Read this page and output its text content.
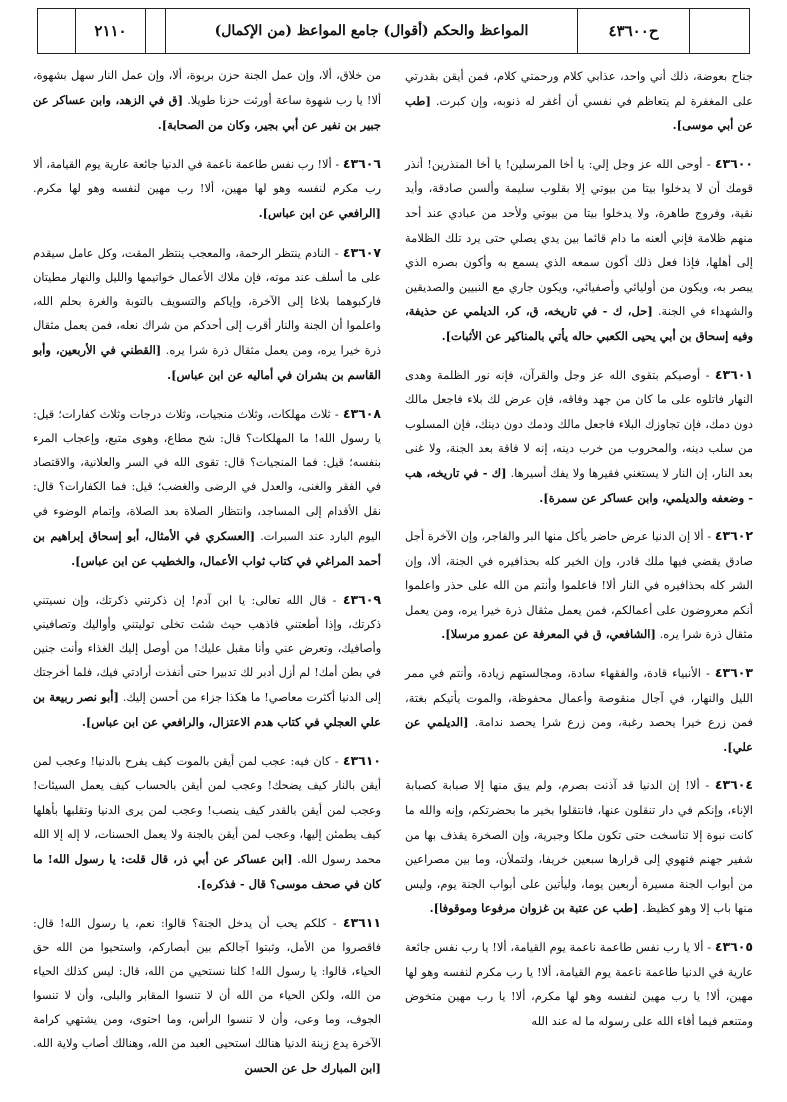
ح٤٣٦٠٠
المواعظ والحكم (أقوال) جامع المواعظ (من الإكمال)
٢١١٠

جناح بعوضة، ذلك أني واحد، عذابي كلام ورحمتي كلام، فمن أيقن بقدرتي على المغفرة لم يتعاظم في نفسي أن أغفر له ذنوبه، وإن كبرت. [طب عن أبي موسى].

٤٣٦٠٠ - أوحى الله عز وجل إلي: يا أخا المرسلين! يا أخا المنذرين! أنذر قومك أن لا يدخلوا بيتا من بيوتي إلا بقلوب سليمة وألسن صادقة، وأيد نقية، وفروج طاهرة، ولا يدخلوا بيتا من بيوتي ولأحد من عبادي عند أحد منهم ظلامة فإني ألعنه ما دام قائما بين يدي يصلي حتى يرد تلك الظلامة إلى أهلها، فإذا فعل ذلك أكون سمعه الذي يسمع به وأكون بصره الذي يبصر به، ويكون من أوليائي وأصفيائي، ويكون جاري مع النبيين والصديقين والشهداء في الجنة. [حل، ك - في تاريخه، ق، كر، الديلمي عن حذيفة، وفيه إسحاق بن أبي يحيى الكعبي حاله يأتي بالمناكير عن الأثبات].

٤٣٦٠١ - أوصيكم بتقوى الله عز وجل والقرآن، فإنه نور الظلمة وهدى النهار فاتلوه على ما كان من جهد وفاقه، فإن عرض لك بلاء فاجعل مالك دون دمك، فإن تجاوزك البلاء فاجعل مالك ودمك دون دينك، فإن المسلوب من سلب دينه، والمحروب من خرب دينه، إنه لا فاقة بعد الجنة، ولا غنى بعد النار، إن النار لا يستغني فقيرها ولا يفك أسيرها. [ك - في تاريخه، هب - وضعفه والديلمي، وابن عساكر عن سمرة].

٤٣٦٠٢ - ألا إن الدنيا عرض حاضر يأكل منها البر والفاجر، وإن الآخرة أجل صادق يقضي فيها ملك قادر، وإن الخير كله بحذافيره في الجنة، ألا، وإن الشر كله بحذافيره في النار ألا! فاعلموا وأنتم من الله على حذر واعلموا أنكم معروضون على أعمالكم، فمن يعمل مثقال ذرة خيرا يره، ومن يعمل مثقال ذرة شرا يره. [الشافعي، ق في المعرفة عن عمرو مرسلا].

٤٣٦٠٣ - الأنبياء قادة، والفقهاء سادة، ومجالستهم زيادة، وأنتم في ممر الليل والنهار، في آجال منقوصة وأعمال محفوظة، والموت يأتيكم بغتة، فمن زرع خيرا يحصد رغبة، ومن زرع شرا يحصد ندامة. [الديلمي عن علي].

٤٣٦٠٤ - ألا! إن الدنيا قد آذنت بصرم، ولم يبق منها إلا صبابة كصبابة الإناء، وإنكم في دار تنقلون عنها، فانتقلوا بخير ما بحضرتكم، وإنه والله ما كانت نبوة إلا تناسخت حتى تكون ملكا وجبرية، وإن الصخرة يقذف بها من شفير جهنم فتهوي إلى قرارها سبعين خريفا، ولتملأن، وما بين مصراعين من أبواب الجنة مسيرة أربعين يوما، وليأتين على أبواب الجنة يوم، وليس منها باب إلا وهو كظيظ. [طب عن عتبة بن غزوان مرفوعا وموقوفا].

٤٣٦٠٥ - ألا يا رب نفس طاعمة ناعمة يوم القيامة، ألا! يا رب نفس جائعة عارية في الدنيا طاعمة ناعمة يوم القيامة، ألا! يا رب مكرم لنفسه وهو لها مهين، ألا! يا رب مهين لنفسه وهو لها مكرم، ألا! يا رب مهين متخوض ومتنعم فيما أفاء الله على رسوله ما له عند الله

من خلاق، ألا، وإن عمل الجنة حزن بربوة، ألا، وإن عمل النار سهل بشهوة، ألا! يا رب شهوة ساعة أورثت حزنا طويلا. [ق في الزهد، وابن عساكر عن جبير بن نفير عن أبي بجير، وكان من الصحابة].

٤٣٦٠٦ - ألا! رب نفس طاعمة ناعمة في الدنيا جائعة عارية يوم القيامة، ألا رب مكرم لنفسه وهو لها مهين، ألا! رب مهين لنفسه وهو لها مكرم. [الرافعي عن ابن عباس].

٤٣٦٠٧ - النادم ينتظر الرحمة، والمعجب ينتظر المقت، وكل عامل سيقدم على ما أسلف عند موته، فإن ملاك الأعمال خواتيمها والليل والنهار مطيتان فاركبوهما بلاغا إلى الآخرة، وإياكم والتسويف بالتوبة والغرة بحلم الله، واعلموا أن الجنة والنار أقرب إلى أحدكم من شراك نعله، فمن يعمل مثقال ذرة خيرا يره، ومن يعمل مثقال ذرة شرا يره. [القطني في الأربعين، وأبو القاسم بن بشران في أماليه عن ابن عباس].

٤٣٦٠٨ - ثلاث مهلكات، وثلاث منجيات، وثلاث درجات وثلاث كفارات؛ قيل: يا رسول الله! ما المهلكات؟ قال: شح مطاع، وهوى متبع، وإعجاب المرء بنفسه؛ قيل: فما المنجيات؟ قال: تقوى الله في السر والعلانية، والاقتصاد في الفقر والغنى، والعدل في الرضى والغضب؛ قيل: فما الكفارات؟ قال: نقل الأقدام إلى المساجد، وانتظار الصلاة بعد الصلاة، وإتمام الوضوء في اليوم البارد عند السبرات. [العسكري في الأمثال، أبو إسحاق إبراهيم بن أحمد المراغي في كتاب ثواب الأعمال، والخطيب عن ابن عباس].

٤٣٦٠٩ - قال الله تعالى: يا ابن آدم! إن ذكرتني ذكرتك، وإن نسيتني ذكرتك، وإذا أطعتني فاذهب حيث شئت تخلى توليتني وأواليك وتصافيني وأصافيك، وتعرض عني وأنا مقبل عليك! من أوصل إليك الغذاء وأنت جنين في بطن أمك! لم أزل أدبر لك تدبيرا حتى أنفذت أرادتي فيك، فلما أخرجتك إلى الدنيا أكثرت معاصي! ما هكذا جزاء من أحسن إليك. [أبو نصر ربيعة بن علي العجلي في كتاب هدم الاعتزال، والرافعي عن ابن عباس].

٤٣٦١٠ - كان فيه: عجب لمن أيقن بالموت كيف يفرح بالدنيا! وعجب لمن أيقن بالنار كيف يضحك! وعجب لمن أيقن بالحساب كيف يعمل السيئات! وعجب لمن أيقن بالقدر كيف ينصب! وعجب لمن يرى الدنيا وتقلبها بأهلها كيف يطمئن إليها، وعجب لمن أيقن بالجنة ولا يعمل الحسنات، لا إله إلا الله محمد رسول الله. [ابن عساكر عن أبي ذر، قال قلت: يا رسول الله! ما كان في صحف موسى؟ قال - فذكره].

٤٣٦١١ - كلكم يحب أن يدخل الجنة؟ قالوا: نعم، يا رسول الله! قال: فاقصروا من الأمل، وثبتوا آجالكم بين أبصاركم، واستحيوا من الله حق الحياء، قالوا: يا رسول الله! كلنا نستحيي من الله، قال: ليس كذلك الحياء من الله، ولكن الحياء من الله أن لا تنسوا المقابر والبلى، وأن لا تنسوا الجوف، وما وعى، وأن لا تنسوا الرأس، وما احتوى، ومن يشتهي كرامة الآخرة يدع زينة الدنيا هنالك استحيى العبد من الله، وهنالك أصاب ولاية الله. [ابن المبارك حل عن الحسن
